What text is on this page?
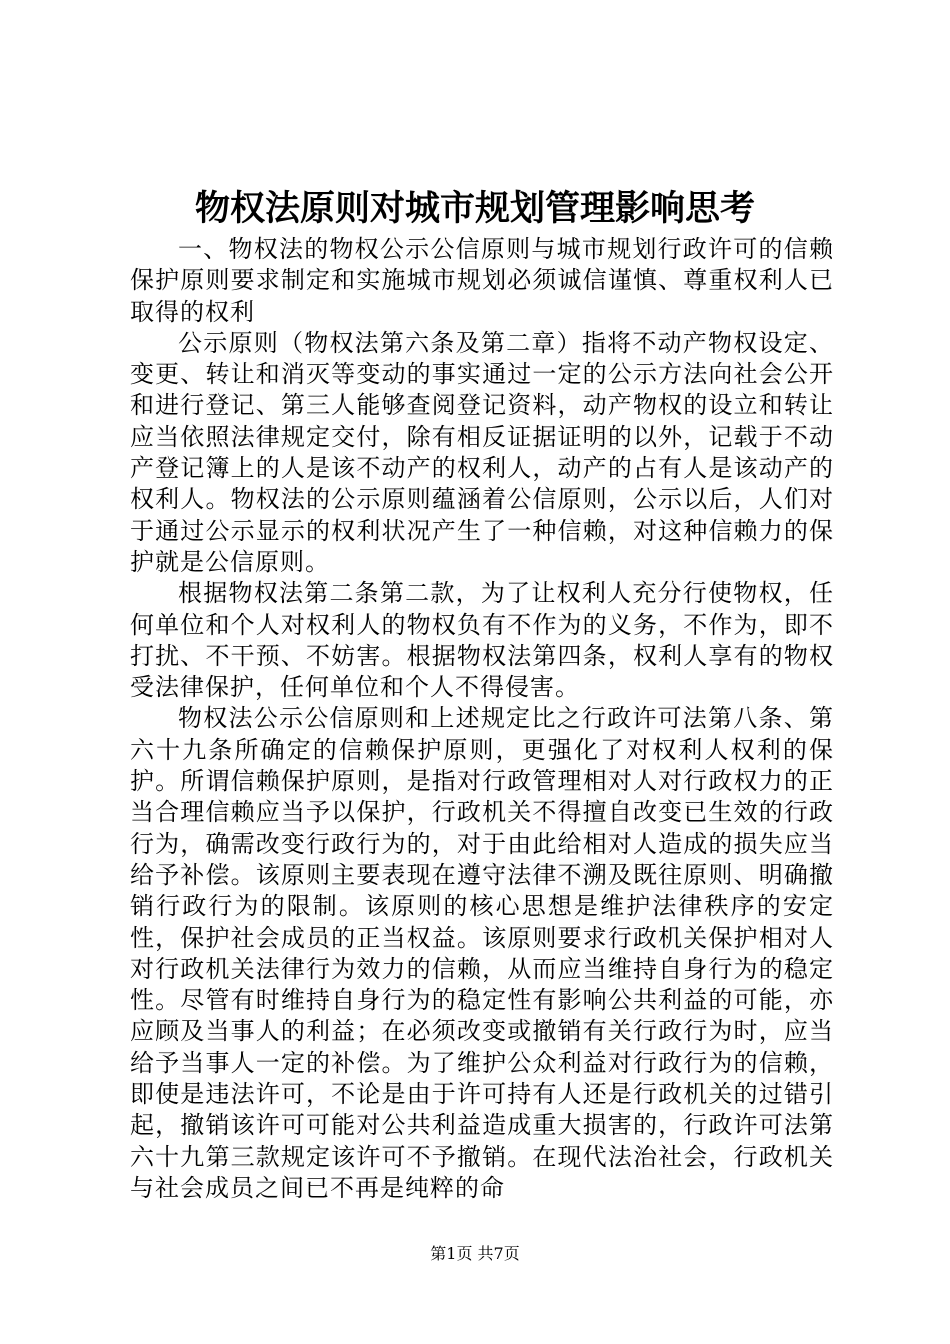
物权法原则对城市规划管理影响思考

一、物权法的物权公示公信原则与城市规划行政许可的信赖保护原则要求制定和实施城市规划必须诚信谨慎、尊重权利人已取得的权利

公示原则（物权法第六条及第二章）指将不动产物权设定、变更、转让和消灭等变动的事实通过一定的公示方法向社会公开和进行登记、第三人能够查阅登记资料，动产物权的设立和转让应当依照法律规定交付，除有相反证据证明的以外，记载于不动产登记簿上的人是该不动产的权利人，动产的占有人是该动产的权利人。物权法的公示原则蕴涵着公信原则，公示以后，人们对于通过公示显示的权利状况产生了一种信赖，对这种信赖力的保护就是公信原则。

根据物权法第二条第二款，为了让权利人充分行使物权，任何单位和个人对权利人的物权负有不作为的义务，不作为，即不打扰、不干预、不妨害。根据物权法第四条，权利人享有的物权受法律保护，任何单位和个人不得侵害。

物权法公示公信原则和上述规定比之行政许可法第八条、第六十九条所确定的信赖保护原则，更强化了对权利人权利的保护。所谓信赖保护原则，是指对行政管理相对人对行政权力的正当合理信赖应当予以保护，行政机关不得擅自改变已生效的行政行为，确需改变行政行为的，对于由此给相对人造成的损失应当给予补偿。该原则主要表现在遵守法律不溯及既往原则、明确撤销行政行为的限制。该原则的核心思想是维护法律秩序的安定性，保护社会成员的正当权益。该原则要求行政机关保护相对人对行政机关法律行为效力的信赖，从而应当维持自身行为的稳定性。尽管有时维持自身行为的稳定性有影响公共利益的可能，亦应顾及当事人的利益；在必须改变或撤销有关行政行为时，应当给予当事人一定的补偿。为了维护公众利益对行政行为的信赖，即使是违法许可，不论是由于许可持有人还是行政机关的过错引起，撤销该许可可能对公共利益造成重大损害的，行政许可法第六十九第三款规定该许可不予撤销。在现代法治社会，行政机关与社会成员之间已不再是纯粹的命

第1页 共7页
